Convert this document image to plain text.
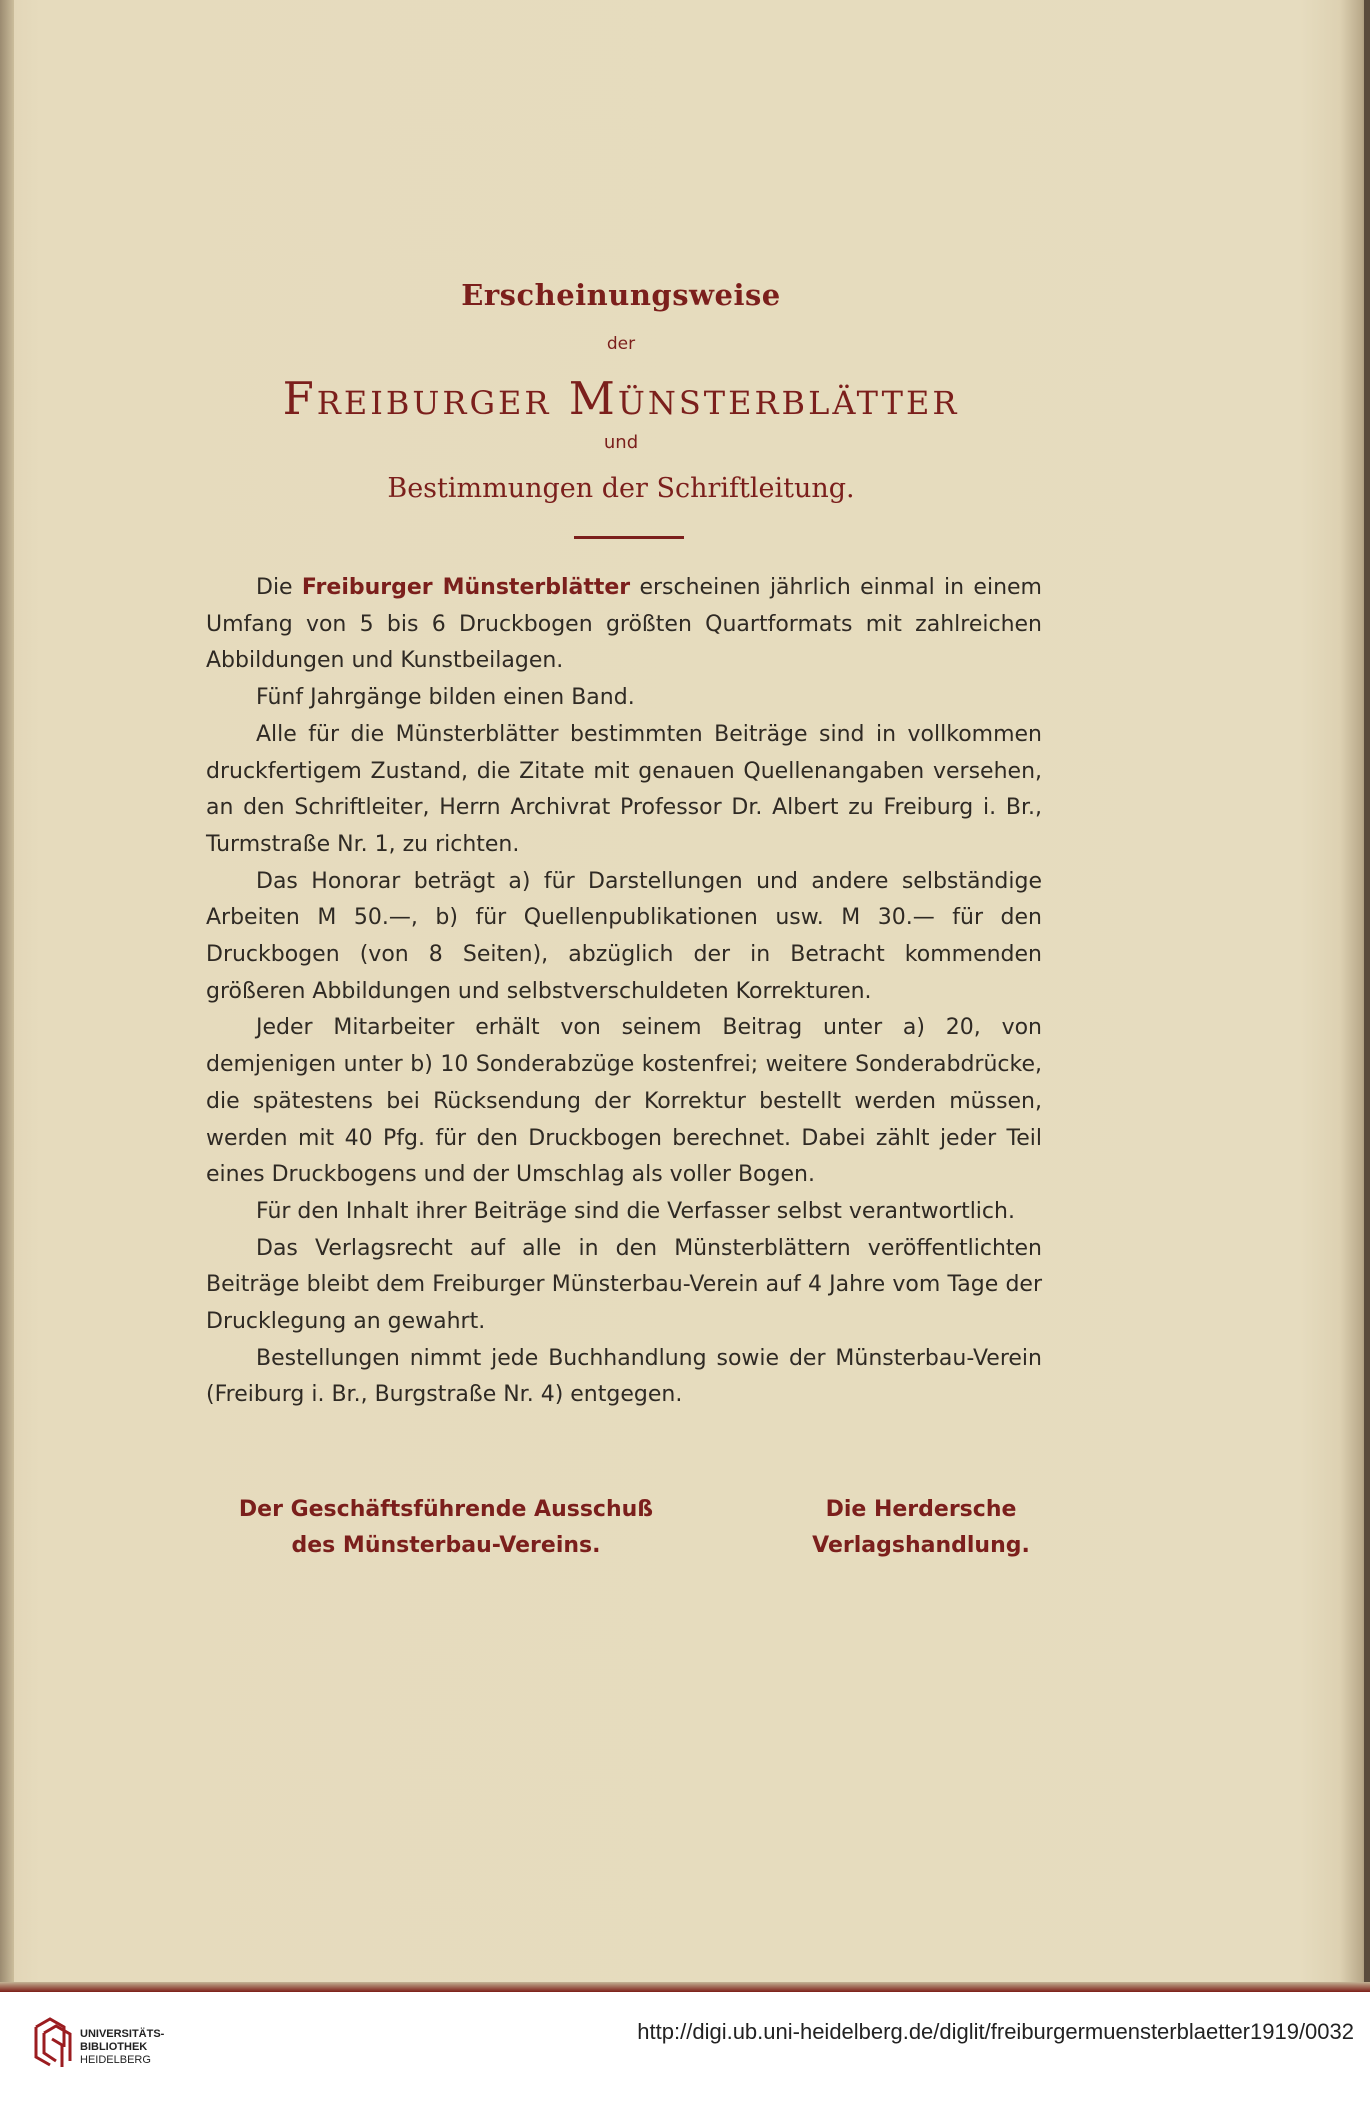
Erscheinungsweise
der
Freiburger Münsterblätter
und
Bestimmungen der Schriftleitung.

Die Freiburger Münsterblätter erscheinen jährlich einmal in einem Umfang von 5 bis 6 Druckbogen größten Quartformats mit zahlreichen Abbildungen und Kunstbeilagen.

Fünf Jahrgänge bilden einen Band.

Alle für die Münsterblätter bestimmten Beiträge sind in vollkommen druckfertigem Zustand, die Zitate mit genauen Quellenangaben versehen, an den Schriftleiter, Herrn Archivrat Professor Dr. Albert zu Freiburg i. Br., Turmstraße Nr. 1, zu richten.

Das Honorar beträgt a) für Darstellungen und andere selbständige Arbeiten M 50.—, b) für Quellenpublikationen usw. M 30.— für den Druckbogen (von 8 Seiten), abzüglich der in Betracht kommenden größeren Abbildungen und selbstverschuldeten Korrekturen.

Jeder Mitarbeiter erhält von seinem Beitrag unter a) 20, von demjenigen unter b) 10 Sonderabzüge kostenfrei; weitere Sonderabdrücke, die spätestens bei Rücksendung der Korrektur bestellt werden müssen, werden mit 40 Pfg. für den Druckbogen berechnet. Dabei zählt jeder Teil eines Druckbogens und der Umschlag als voller Bogen.

Für den Inhalt ihrer Beiträge sind die Verfasser selbst verantwortlich.

Das Verlagsrecht auf alle in den Münsterblättern veröffentlichten Beiträge bleibt dem Freiburger Münsterbau-Verein auf 4 Jahre vom Tage der Drucklegung an gewahrt.

Bestellungen nimmt jede Buchhandlung sowie der Münsterbau-Verein (Freiburg i. Br., Burgstraße Nr. 4) entgegen.

Der Geschäftsführende Ausschuß
des Münsterbau-Vereins.
Die Herdersche
Verlagshandlung.
UNIVERSITÄTS-
BIBLIOTHEK
HEIDELBERG
http://digi.ub.uni-heidelberg.de/diglit/freiburgermuensterblaetter1919/0032
